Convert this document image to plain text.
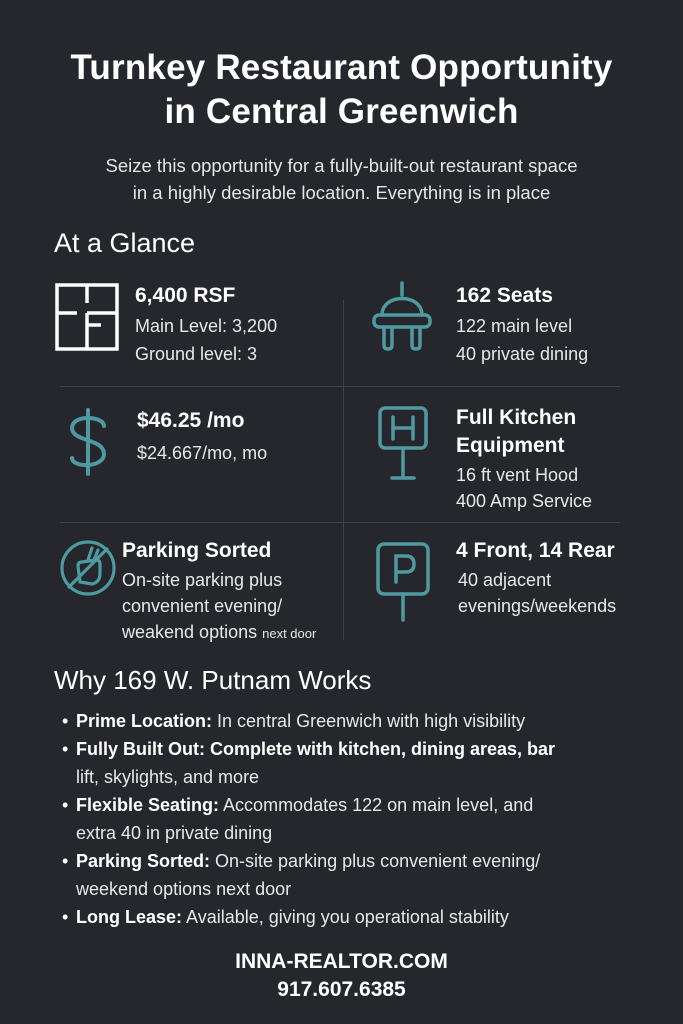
Turnkey Restaurant Opportunity
in Central Greenwich
Seize this opportunity for a fully-built-out restaurant space
in a highly desirable location. Everything is in place
At a Glance
6,400 RSF
Main Level: 3,200
Ground level: 3
162 Seats
122 main level
40 private dining
$46.25 /mo
$24.667/mo, mo
Full Kitchen
Equipment
16 ft vent Hood
400 Amp Service
Parking Sorted
On-site parking plus
convenient evening/
weakend options next door
4 Front, 14 Rear
40 adjacent
evenings/weekends
Why 169 W. Putnam Works
• Prime Location: In central Greenwich with high visibility
• Fully Built Out: Complete with kitchen, dining areas, bar
lift, skylights, and more
• Flexible Seating: Accommodates 122 on main level, and
extra 40 in private dining
• Parking Sorted: On-site parking plus convenient evening/
weekend options next door
• Long Lease: Available, giving you operational stability
INNA-REALTOR.COM
917.607.6385
